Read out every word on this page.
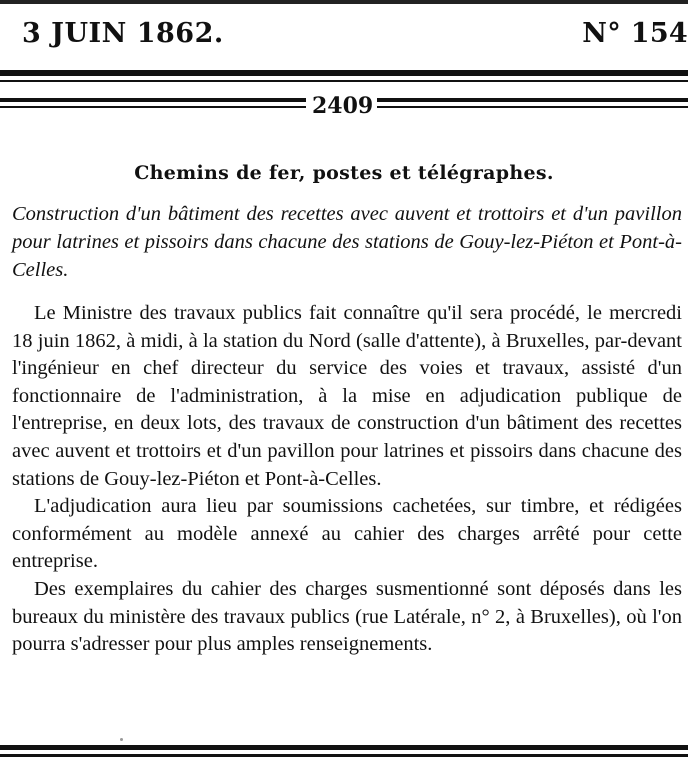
3 JUIN 1862.	N° 154
2409
Chemins de fer, postes et télégraphes.
Construction d'un bâtiment des recettes avec auvent et trottoirs et d'un pavillon pour latrines et pissoirs dans chacune des stations de Gouy-lez-Piéton et Pont-à-Celles.

Le Ministre des travaux publics fait connaître qu'il sera procédé, le mercredi 18 juin 1862, à midi, à la station du Nord (salle d'attente), à Bruxelles, par-devant l'ingénieur en chef directeur du service des voies et travaux, assisté d'un fonctionnaire de l'administration, à la mise en adjudication publique de l'entreprise, en deux lots, des travaux de construction d'un bâtiment des recettes avec auvent et trottoirs et d'un pavillon pour latrines et pissoirs dans chacune des stations de Gouy-lez-Piéton et Pont-à-Celles.

L'adjudication aura lieu par soumissions cachetées, sur timbre, et rédigées conformément au modèle annexé au cahier des charges arrêté pour cette entreprise.

Des exemplaires du cahier des charges susmentionné sont déposés dans les bureaux du ministère des travaux publics (rue Latérale, n° 2, à Bruxelles), où l'on pourra s'adresser pour plus amples renseignements.
